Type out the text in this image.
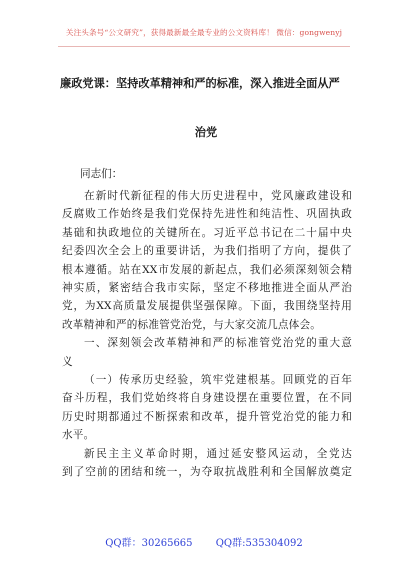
关注头条号“公文研究”，获得最新最全最专业的公文资料库！ 微信：gongwenyj
廉政党课：坚持改革精神和严的标准，深入推进全面从严
治党
同志们：
在新时代新征程的伟大历史进程中，党风廉政建设和
反腐败工作始终是我们党保持先进性和纯洁性、巩固执政
基础和执政地位的关键所在。习近平总书记在二十届中央
纪委四次全会上的重要讲话，为我们指明了方向，提供了
根本遵循。站在XX市发展的新起点，我们必须深刻领会精
神实质，紧密结合我市实际，坚定不移地推进全面从严治
党，为XX高质量发展提供坚强保障。下面，我围绕坚持用
改革精神和严的标准管党治党，与大家交流几点体会。
一、深刻领会改革精神和严的标准管党治党的重大意
义
（一）传承历史经验，筑牢党建根基。回顾党的百年
奋斗历程，我们党始终将自身建设摆在重要位置，在不同
QQ群：30265665 QQ群:535304092
历史时期都通过不断探索和改革，提升管党治党的能力和
水平。
新民主主义革命时期，通过延安整风运动，全党达
到了空前的团结和统一，为夺取抗战胜利和全国解放奠定
